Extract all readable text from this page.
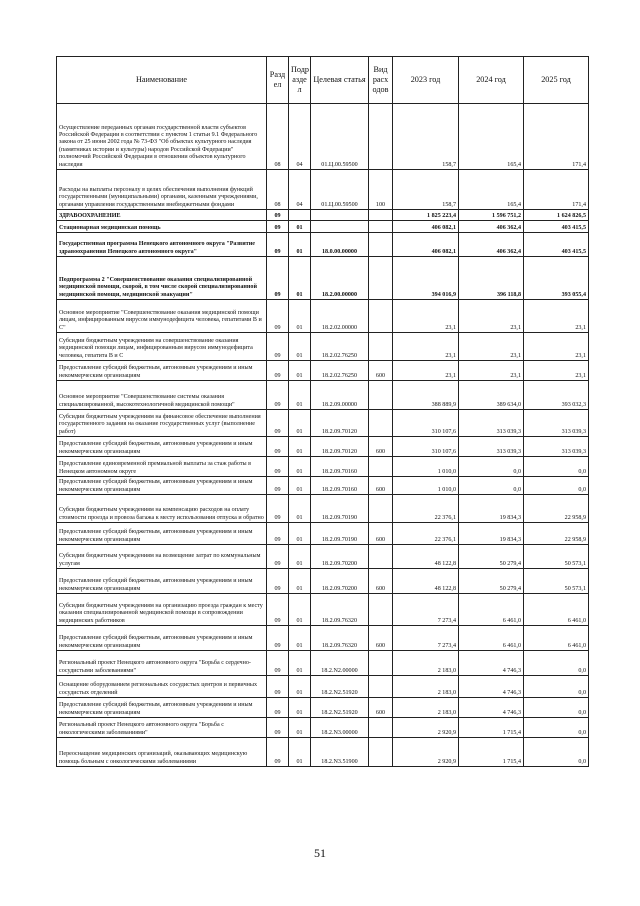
Наименование	Разд ел	Подр азде л	Целевая статья	Вид расх одов	2023 год	2024 год	2025 год
Осуществление переданных органам государственной власти субъектов Российской Федерации в соответствии с пунктом 1 статьи 9.1 Федерального закона от 25 июня 2002 года № 73-ФЗ "Об объектах культурного наследия (памятниках истории и культуры) народов Российской Федерации" полномочий Российской Федерации в отношении объектов культурного наследия	08	04	01.Ц.00.59500		158,7	165,4	171,4
Расходы на выплаты персоналу в целях обеспечения выполнения функций государственными (муниципальными) органами, казенными учреждениями, органами управления государственными внебюджетными фондами	08	04	01.Ц.00.59500	100	158,7	165,4	171,4
ЗДРАВООХРАНЕНИЕ	09				1 825 223,4	1 596 751,2	1 624 826,5
Стационарная медицинская помощь	09	01			406 082,1	406 362,4	403 415,5
Государственная программа Ненецкого автономного округа "Развитие здравоохранения Ненецкого автономного округа"	09	01	18.0.00.00000		406 082,1	406 362,4	403 415,5
Подпрограмма 2 "Совершенствование оказания специализированной медицинской помощи, скорой, в том числе скорой специализированной медицинской помощи, медицинской эвакуации"	09	01	18.2.00.00000		394 016,9	396 118,8	393 055,4
Основное мероприятие "Совершенствование оказания медицинской помощи лицам, инфицированным вирусом иммунодефицита человека, гепатитами B и C"	09	01	18.2.02.00000		23,1	23,1	23,1
Субсидии бюджетным учреждениям на совершенствование оказания медицинской помощи лицам, инфицированным вирусом иммунодефицита человека, гепатита B и C	09	01	18.2.02.76250		23,1	23,1	23,1
Предоставление субсидий бюджетным, автономным учреждениям и иным некоммерческим организациям	09	01	18.2.02.76250	600	23,1	23,1	23,1
Основное мероприятие "Совершенствование системы оказания специализированной, высокотехнологичной медицинской помощи"	09	01	18.2.09.00000		388 889,9	389 634,0	393 032,3
Субсидии бюджетным учреждениям на финансовое обеспечение выполнения государственного задания на оказание государственных услуг (выполнение работ)	09	01	18.2.09.70120		310 107,6	313 039,3	313 039,3
Предоставление субсидий бюджетным, автономным учреждениям и иным некоммерческим организациям	09	01	18.2.09.70120	600	310 107,6	313 039,3	313 039,3
Предоставление единовременной премиальной выплаты за стаж работы в Ненецком автономном округе	09	01	18.2.09.70160		1 010,0	0,0	0,0
Предоставление субсидий бюджетным, автономным учреждениям и иным некоммерческим организациям	09	01	18.2.09.70160	600	1 010,0	0,0	0,0
Субсидии бюджетным учреждениям на компенсацию расходов на оплату стоимости проезда и провоза багажа к месту использования отпуска и обратно	09	01	18.2.09.70190		22 376,1	19 834,3	22 958,9
Предоставление субсидий бюджетным, автономным учреждениям и иным некоммерческим организациям	09	01	18.2.09.70190	600	22 376,1	19 834,3	22 958,9
Субсидии бюджетным учреждениям на возмещение затрат по коммунальным услугам	09	01	18.2.09.70200		48 122,8	50 279,4	50 573,1
Предоставление субсидий бюджетным, автономным учреждениям и иным некоммерческим организациям	09	01	18.2.09.70200	600	48 122,8	50 279,4	50 573,1
Субсидии бюджетным учреждениям на организацию проезда граждан к месту оказания специализированной медицинской помощи в сопровождении медицинских работников	09	01	18.2.09.76320		7 273,4	6 461,0	6 461,0
Предоставление субсидий бюджетным, автономным учреждениям и иным некоммерческим организациям	09	01	18.2.09.76320	600	7 273,4	6 461,0	6 461,0
Региональный проект Ненецкого автономного округа "Борьба с сердечно-сосудистыми заболеваниями"	09	01	18.2.N2.00000		2 183,0	4 746,3	0,0
Оснащение оборудованием региональных сосудистых центров и первичных сосудистых отделений	09	01	18.2.N2.51920		2 183,0	4 746,3	0,0
Предоставление субсидий бюджетным, автономным учреждениям и иным некоммерческим организациям	09	01	18.2.N2.51920	600	2 183,0	4 746,3	0,0
Региональный проект Ненецкого автономного округа "Борьба с онкологическими заболеваниями"	09	01	18.2.N3.00000		2 920,9	1 715,4	0,0
Переоснащение медицинских организаций, оказывающих медицинскую помощь больным с онкологическими заболеваниями	09	01	18.2.N3.51900		2 920,9	1 715,4	0,0
51
